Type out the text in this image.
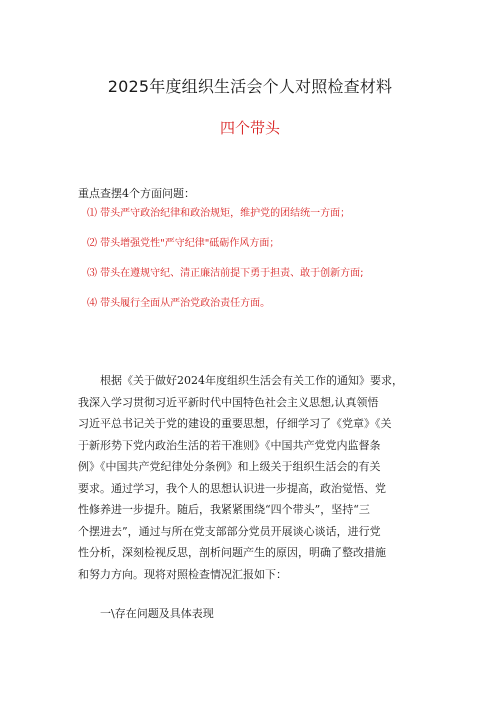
2025年度组织生活会个人对照检查材料
四个带头
重点查摆4个方面问题：
⑴ 带头严守政治纪律和政治规矩，维护党的团结统一方面；
⑵ 带头增强党性"严守纪律"砥砺作风方面；
⑶ 带头在遵规守纪、清正廉洁前提下勇于担责、敢于创新方面;
⑷ 带头履行全面从严治党政治责任方面。
根据《关于做好2024年度组织生活会有关工作的通知》要求，
我深入学习贯彻习近平新时代中国特色社会主义思想,认真领悟
习近平总书记关于党的建设的重要思想，仔细学习了《党章》《关
于新形势下党内政治生活的若干准则》《中国共产党党内监督条
例》《中国共产党纪律处分条例》和上级关于组织生活会的有关
要求。通过学习，我个人的思想认识进一步提高，政治觉悟、党
性修养进一步提升。随后，我紧紧围绕“四个带头”，坚持“三
个摆进去”，通过与所在党支部部分党员开展谈心谈话，进行党
性分析，深刻检视反思，剖析问题产生的原因，明确了整改措施
和努力方向。现将对照检查情况汇报如下：
一\存在问题及具体表现
